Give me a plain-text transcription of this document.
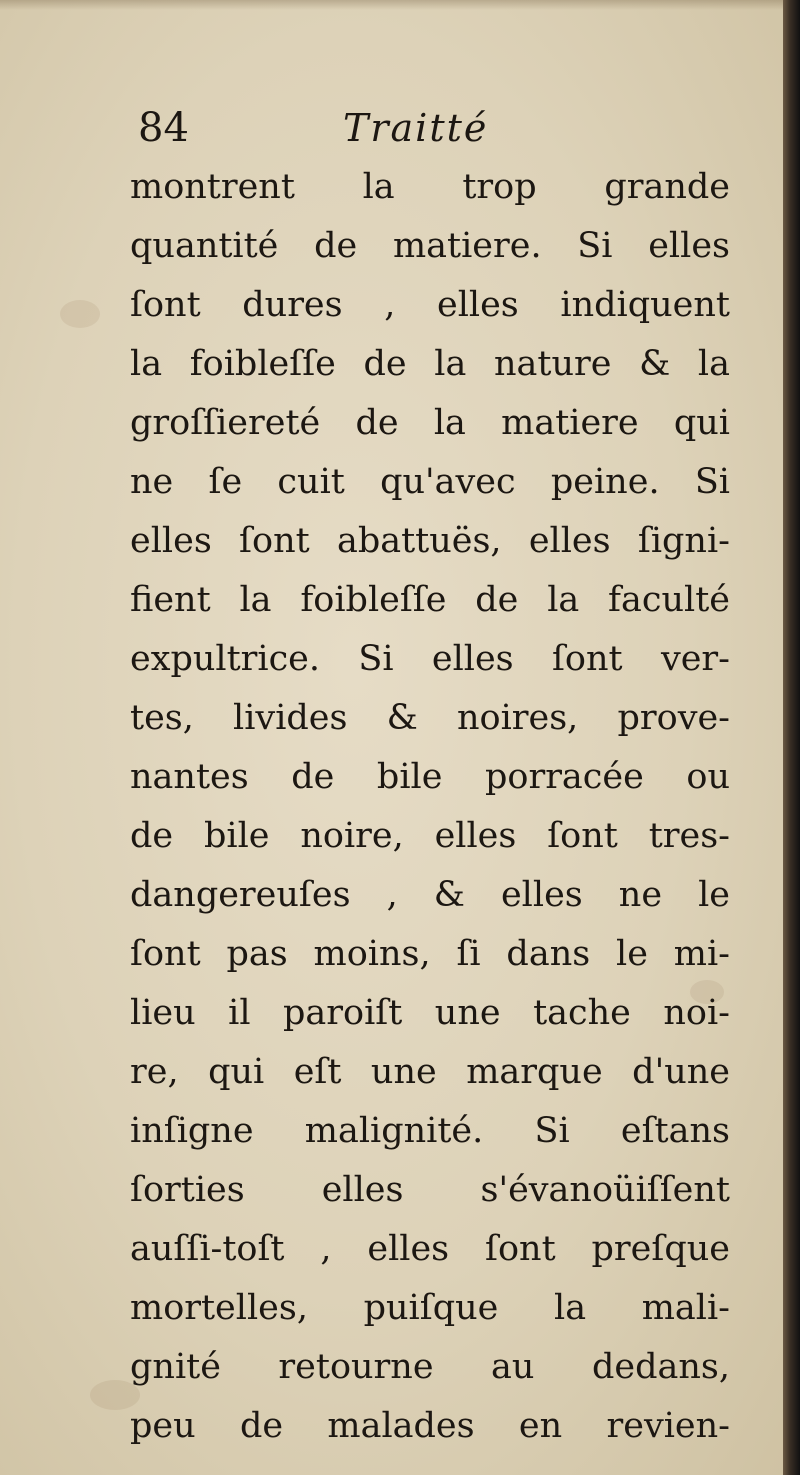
84	Traitté
montrent la trop grande
quantité de matiere. Si elles
ſont dures , elles indiquent
la foibleſſe de la nature & la
groſſiereté de la matiere qui
ne ſe cuit qu'avec peine. Si
elles ſont abattuës, elles ſigni-
fient la foibleſſe de la faculté
expultrice. Si elles ſont ver-
tes, livides & noires, prove-
nantes de bile porracée ou
de bile noire, elles ſont tres-
dangereuſes , & elles ne le
ſont pas moins, ſi dans le mi-
lieu il paroiſt une tache noi-
re, qui eſt une marque d'une
inſigne malignité. Si eſtans
ſorties elles s'évanoüiſſent
auſſi-toſt , elles ſont preſque
mortelles, puiſque la mali-
gnité retourne au dedans,
peu de malades en revien-
